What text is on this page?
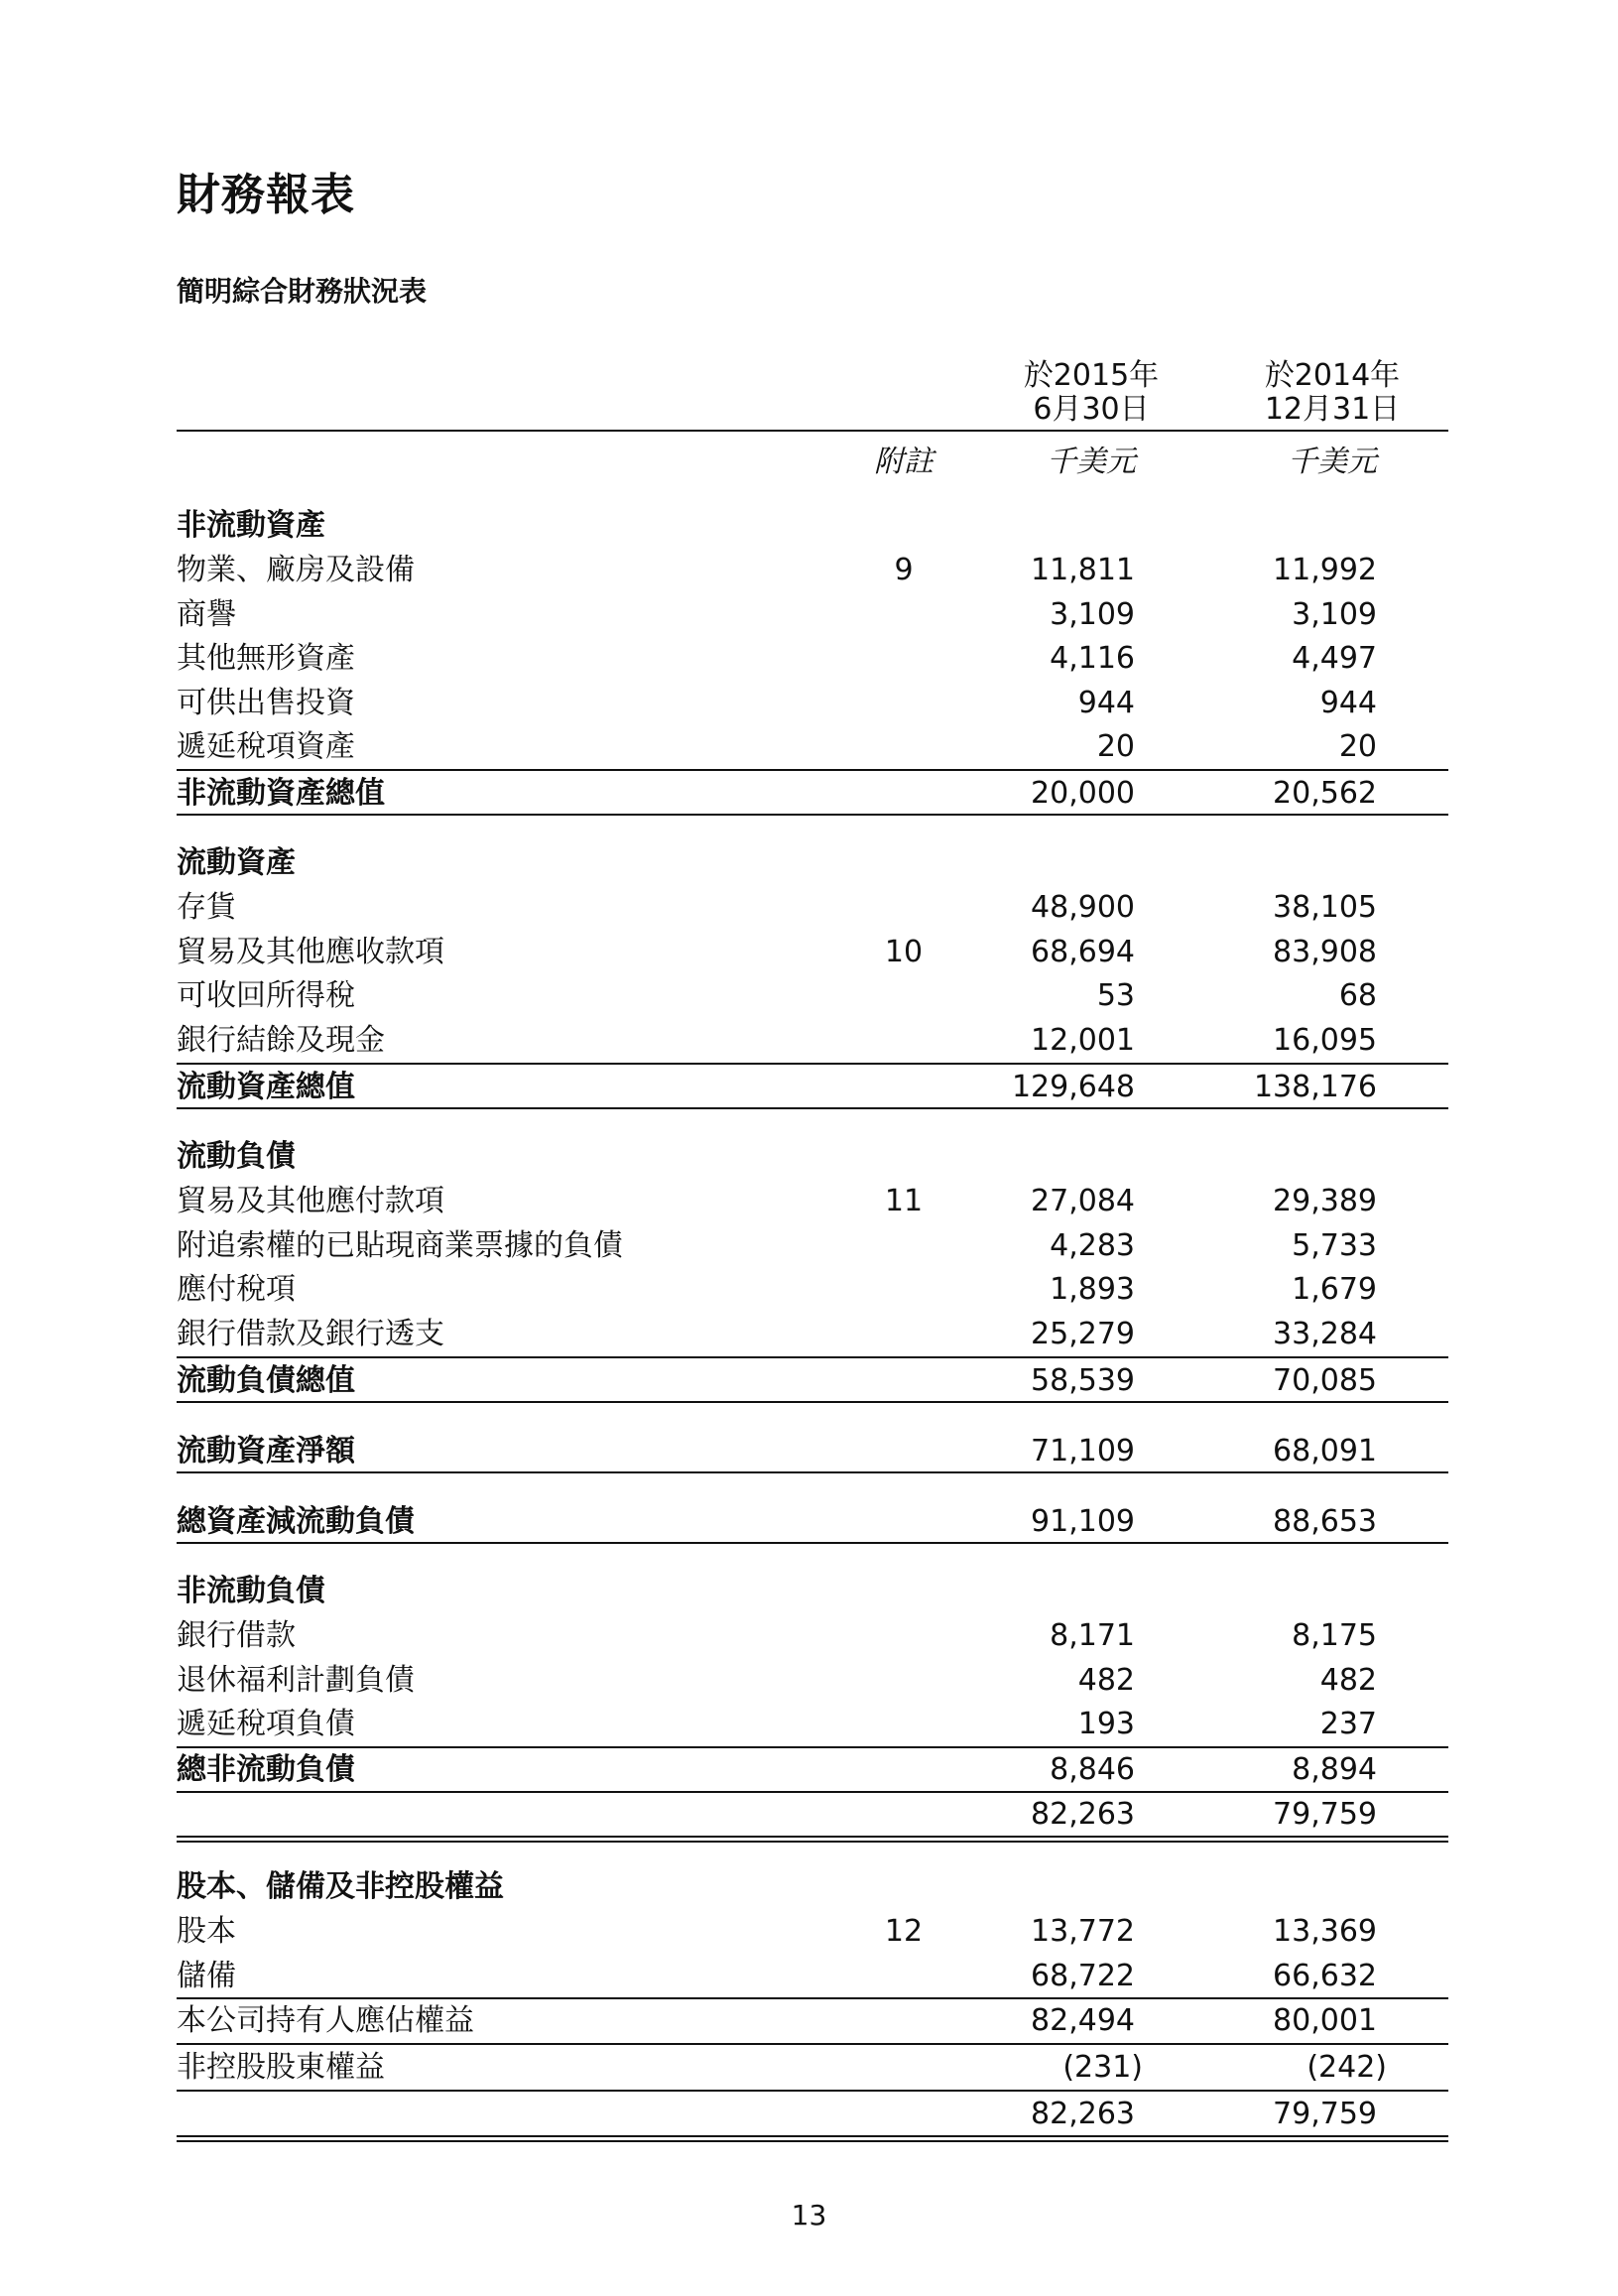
財務報表
簡明綜合財務狀況表
於2015年
6月30日
於2014年
12月31日
附註	千美元	千美元
非流動資產
物業、廠房及設備	9	11,811	11,992
商譽	3,109	3,109
其他無形資產	4,116	4,497
可供出售投資	944	944
遞延稅項資產	20	20
非流動資產總值	20,000	20,562
流動資產
存貨	48,900	38,105
貿易及其他應收款項	10	68,694	83,908
可收回所得稅	53	68
銀行結餘及現金	12,001	16,095
流動資產總值	129,648	138,176
流動負債
貿易及其他應付款項	11	27,084	29,389
附追索權的已貼現商業票據的負債	4,283	5,733
應付稅項	1,893	1,679
銀行借款及銀行透支	25,279	33,284
流動負債總值	58,539	70,085
流動資產淨額	71,109	68,091
總資產減流動負債	91,109	88,653
非流動負債
銀行借款	8,171	8,175
退休福利計劃負債	482	482
遞延稅項負債	193	237
總非流動負債	8,846	8,894
82,263	79,759
股本、儲備及非控股權益
股本	12	13,772	13,369
儲備	68,722	66,632
本公司持有人應佔權益	82,494	80,001
非控股股東權益	(231)	(242)
82,263	79,759
13
